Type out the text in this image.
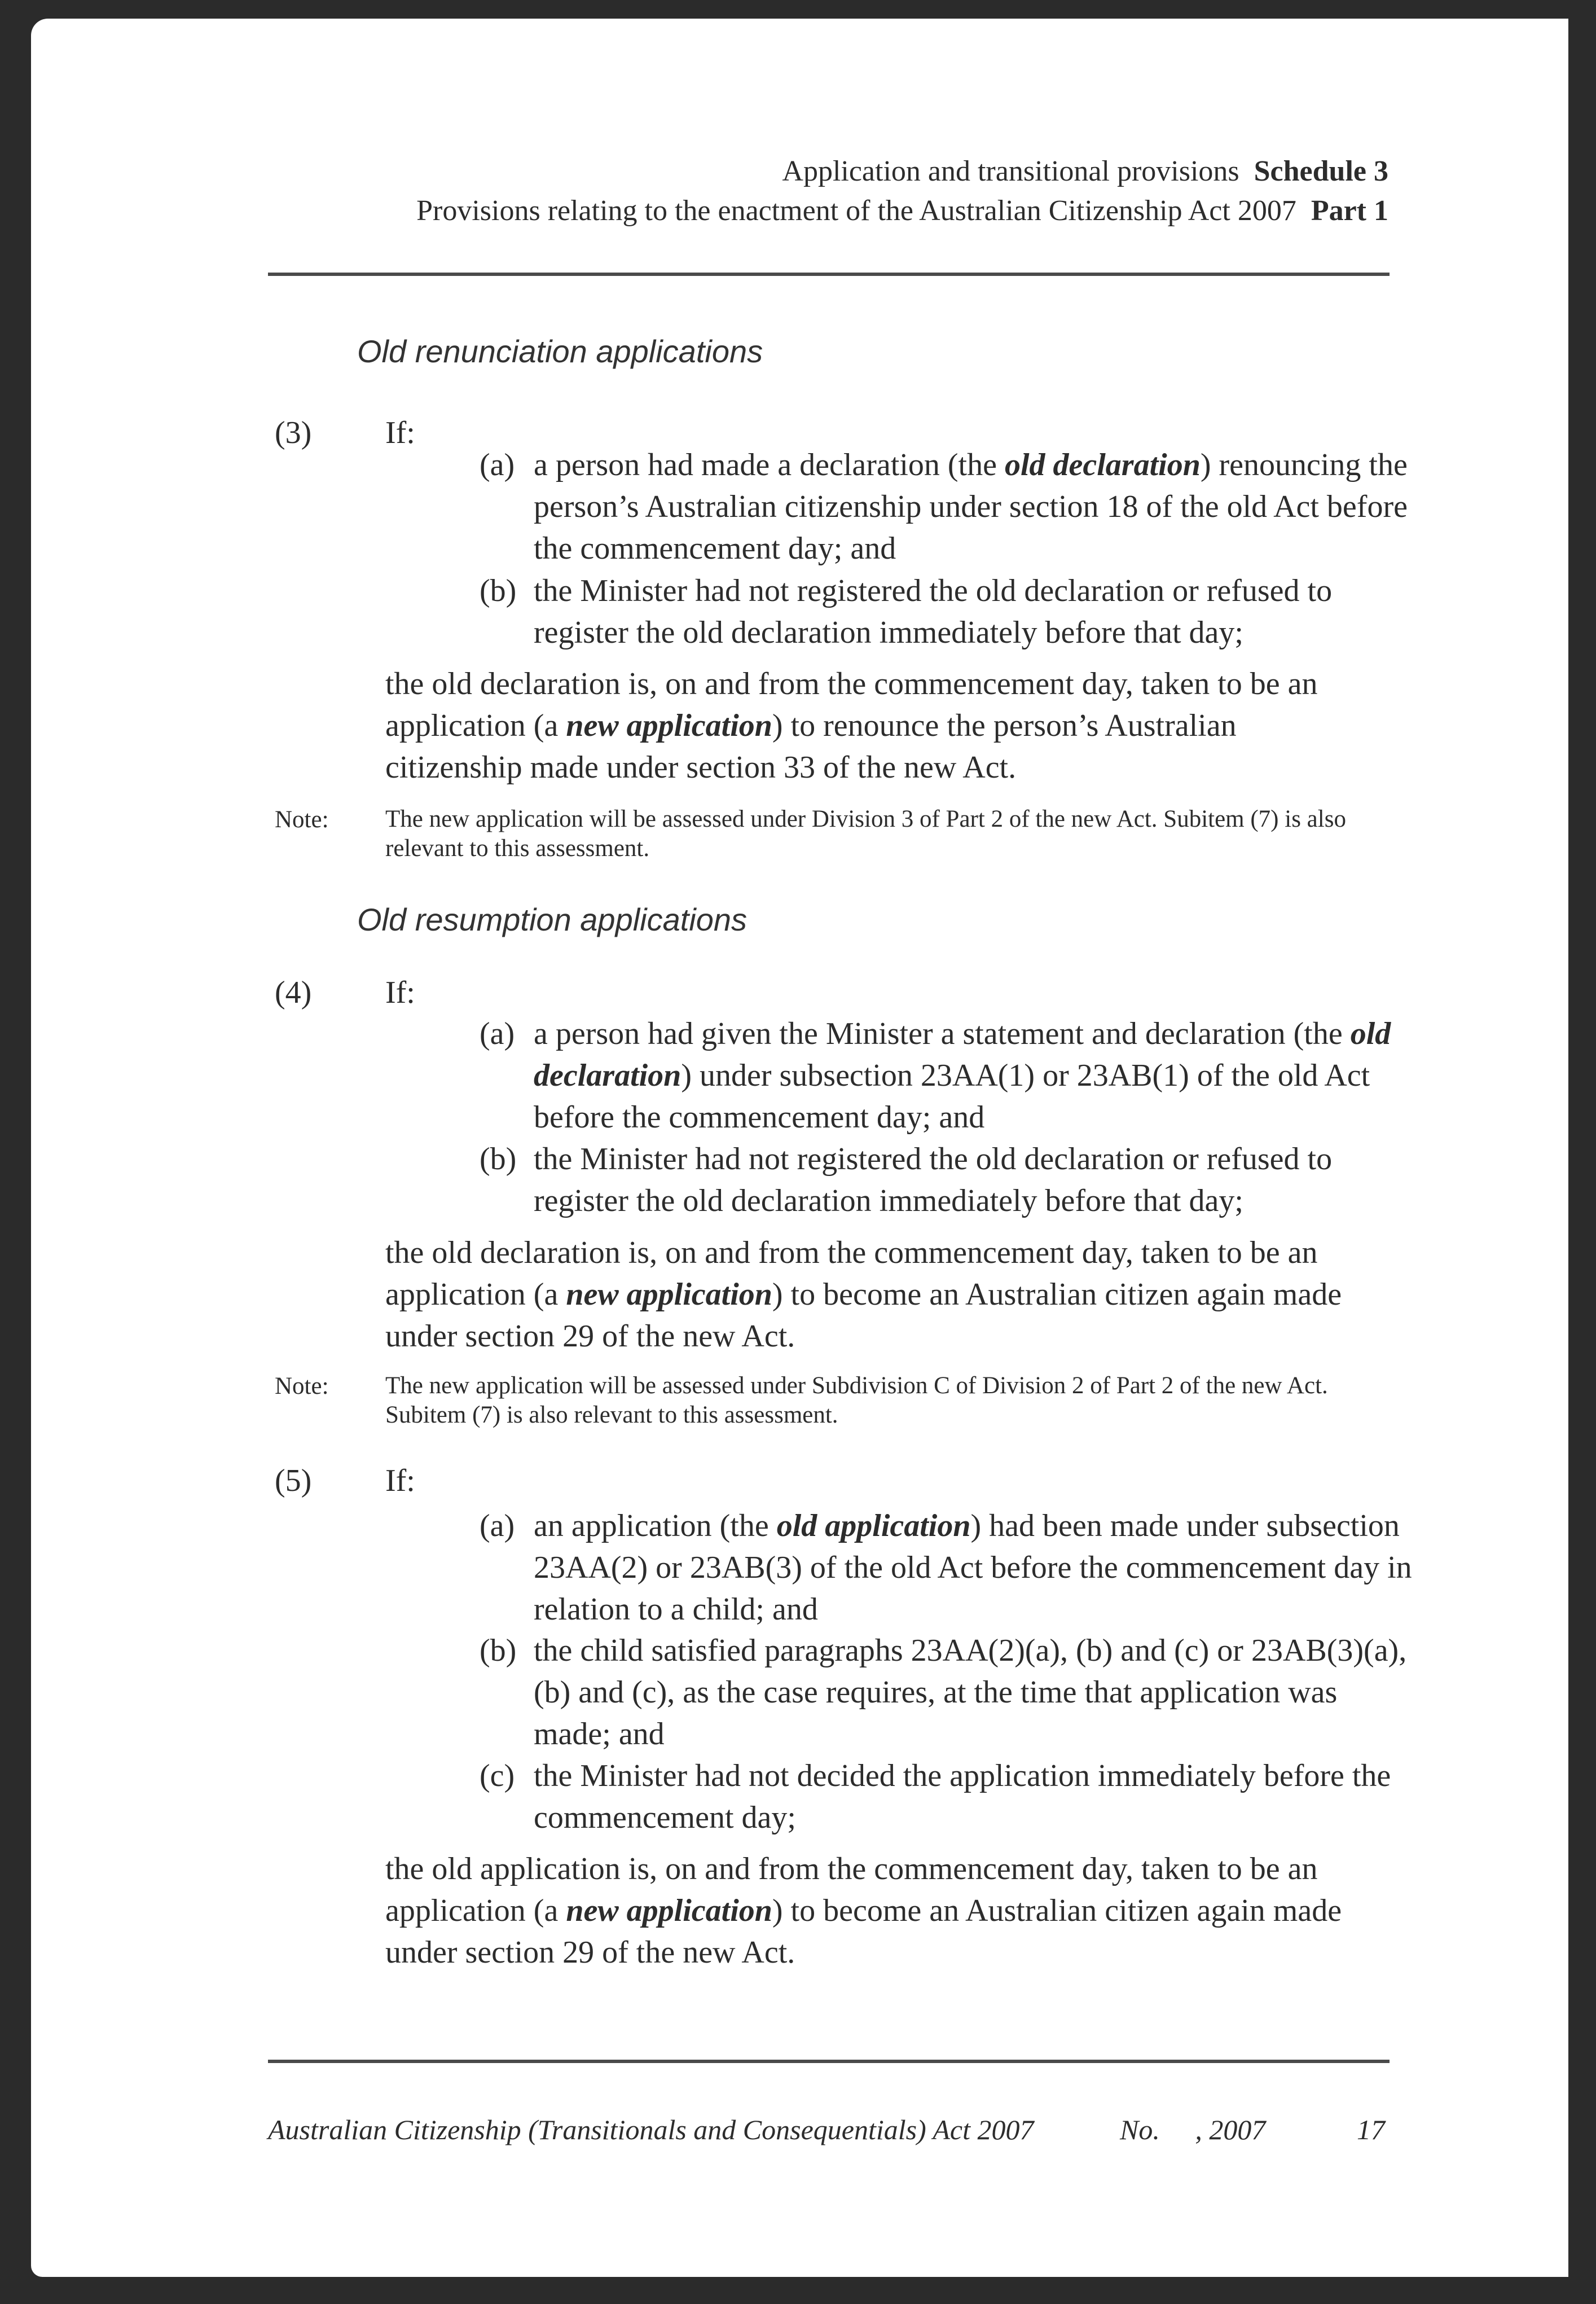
Application and transitional provisions Schedule 3
Provisions relating to the enactment of the Australian Citizenship Act 2007 Part 1
Old renunciation applications
(3) If:
(a) a person had made a declaration (the old declaration) renouncing the person’s Australian citizenship under section 18 of the old Act before the commencement day; and
(b) the Minister had not registered the old declaration or refused to register the old declaration immediately before that day;
the old declaration is, on and from the commencement day, taken to be an application (a new application) to renounce the person’s Australian citizenship made under section 33 of the new Act.
Note: The new application will be assessed under Division 3 of Part 2 of the new Act. Subitem (7) is also relevant to this assessment.
Old resumption applications
(4) If:
(a) a person had given the Minister a statement and declaration (the old declaration) under subsection 23AA(1) or 23AB(1) of the old Act before the commencement day; and
(b) the Minister had not registered the old declaration or refused to register the old declaration immediately before that day;
the old declaration is, on and from the commencement day, taken to be an application (a new application) to become an Australian citizen again made under section 29 of the new Act.
Note: The new application will be assessed under Subdivision C of Division 2 of Part 2 of the new Act. Subitem (7) is also relevant to this assessment.
(5) If:
(a) an application (the old application) had been made under subsection 23AA(2) or 23AB(3) of the old Act before the commencement day in relation to a child; and
(b) the child satisfied paragraphs 23AA(2)(a), (b) and (c) or 23AB(3)(a), (b) and (c), as the case requires, at the time that application was made; and
(c) the Minister had not decided the application immediately before the commencement day;
the old application is, on and from the commencement day, taken to be an application (a new application) to become an Australian citizen again made under section 29 of the new Act.
Australian Citizenship (Transitionals and Consequentials) Act 2007	No.     , 2007	17
